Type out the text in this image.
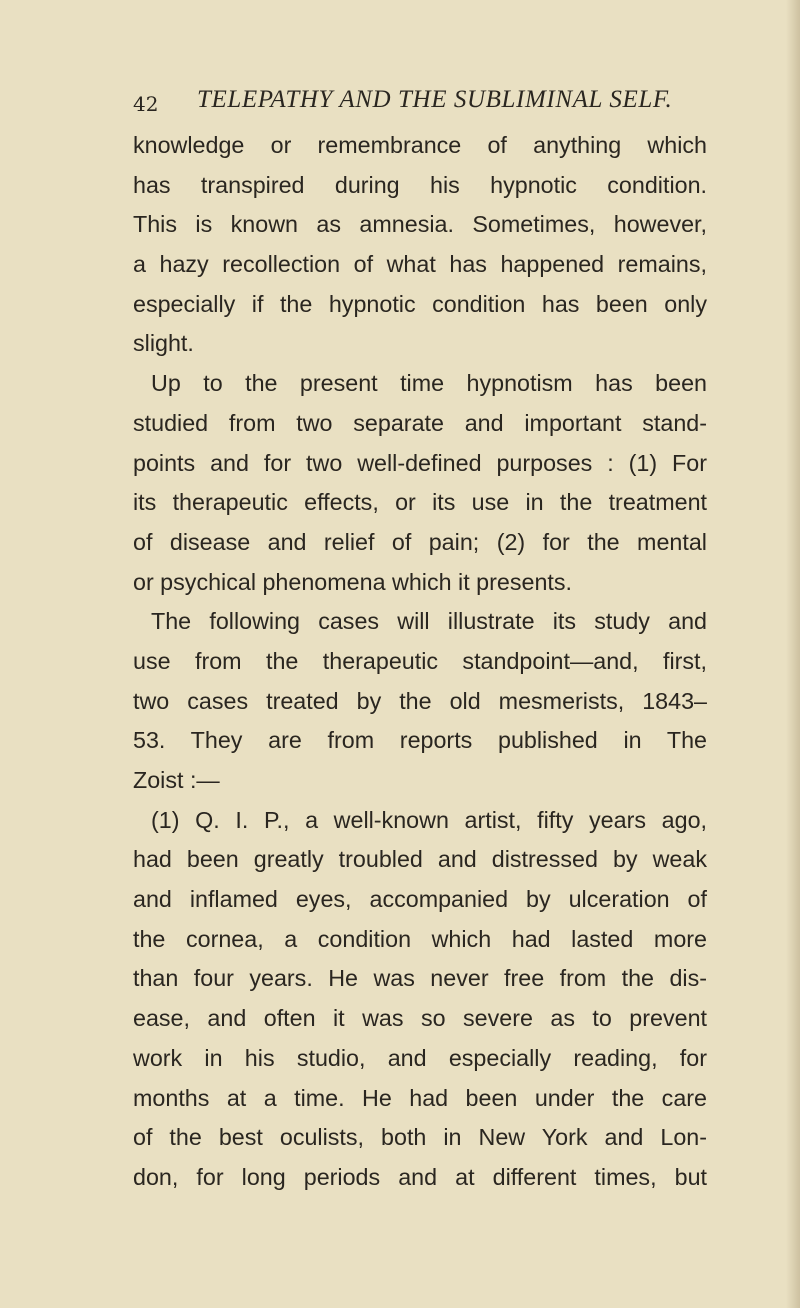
42 TELEPATHY AND THE SUBLIMINAL SELF.
knowledge or remembrance of anything which
has transpired during his hypnotic condition.
This is known as amnesia. Sometimes, however,
a hazy recollection of what has happened remains,
especially if the hypnotic condition has been only
slight.
Up to the present time hypnotism has been
studied from two separate and important stand-
points and for two well-defined purposes : (1) For
its therapeutic effects, or its use in the treatment
of disease and relief of pain; (2) for the mental
or psychical phenomena which it presents.
The following cases will illustrate its study and
use from the therapeutic standpoint—and, first,
two cases treated by the old mesmerists, 1843–
53. They are from reports published in The
Zoist :—
(1) Q. I. P., a well-known artist, fifty years ago,
had been greatly troubled and distressed by weak
and inflamed eyes, accompanied by ulceration of
the cornea, a condition which had lasted more
than four years. He was never free from the dis-
ease, and often it was so severe as to prevent
work in his studio, and especially reading, for
months at a time. He had been under the care
of the best oculists, both in New York and Lon-
don, for long periods and at different times, but
